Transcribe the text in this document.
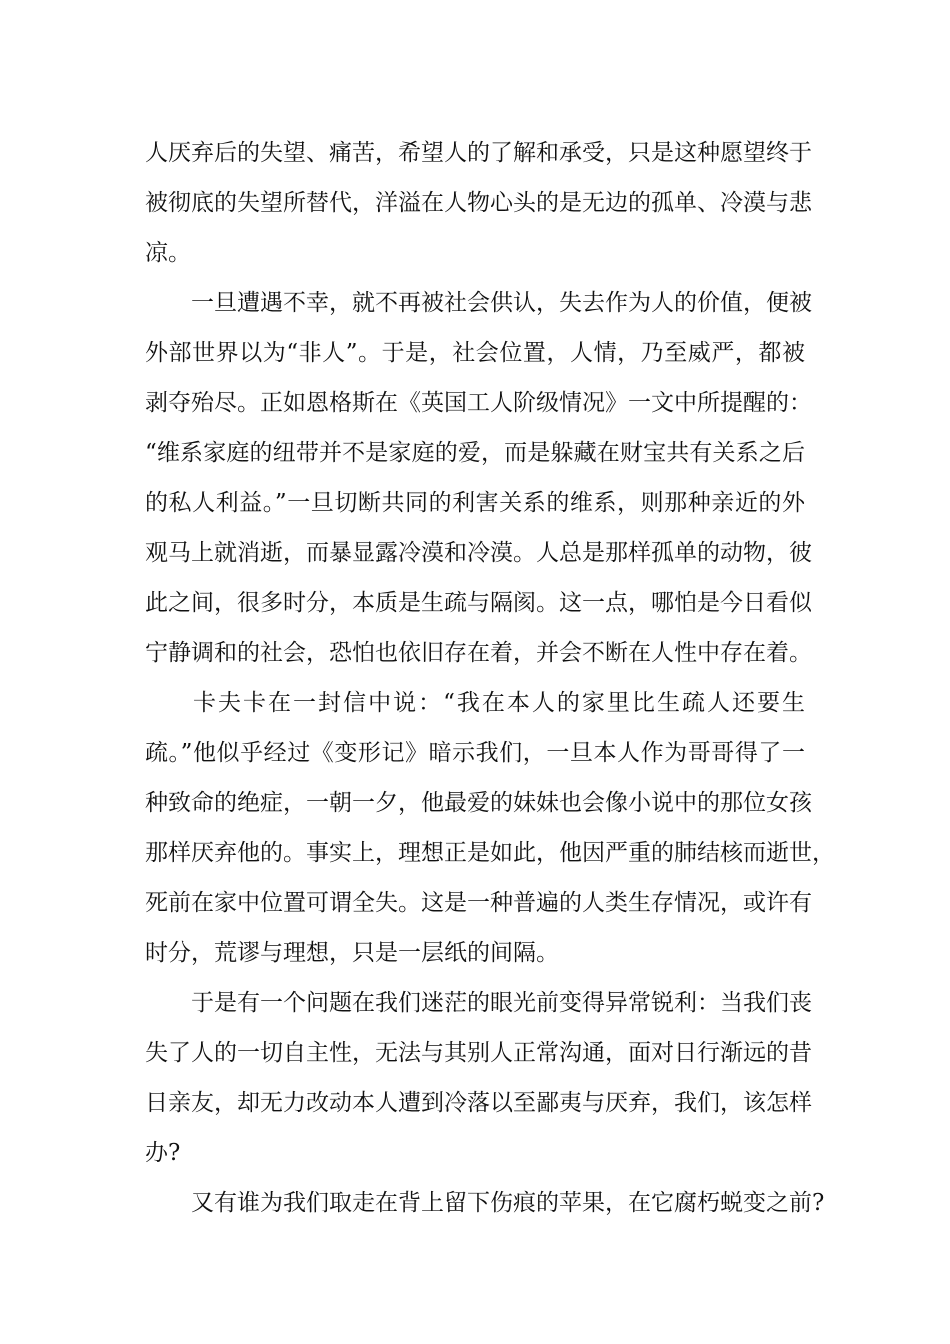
人厌弃后的失望、痛苦，希望人的了解和承受，只是这种愿望终于
被彻底的失望所替代，洋溢在人物心头的是无边的孤单、冷漠与悲
凉。
一旦遭遇不幸，就不再被社会供认，失去作为人的价值，便被
外部世界以为“非人”。于是，社会位置，人情，乃至威严，都被
剥夺殆尽。正如恩格斯在《英国工人阶级情况》一文中所提醒的：
“维系家庭的纽带并不是家庭的爱，而是躲藏在财宝共有关系之后
的私人利益。”一旦切断共同的利害关系的维系，则那种亲近的外
观马上就消逝，而暴显露冷漠和冷漠。人总是那样孤单的动物，彼
此之间，很多时分，本质是生疏与隔阂。这一点，哪怕是今日看似
宁静调和的社会，恐怕也依旧存在着，并会不断在人性中存在着。
卡夫卡在一封信中说：“我在本人的家里比生疏人还要生
疏。”他似乎经过《变形记》暗示我们，一旦本人作为哥哥得了一
种致命的绝症，一朝一夕，他最爱的妹妹也会像小说中的那位女孩
那样厌弃他的。事实上，理想正是如此，他因严重的肺结核而逝世，
死前在家中位置可谓全失。这是一种普遍的人类生存情况，或许有
时分，荒谬与理想，只是一层纸的间隔。
于是有一个问题在我们迷茫的眼光前变得异常锐利：当我们丧
失了人的一切自主性，无法与其别人正常沟通，面对日行渐远的昔
日亲友，却无力改动本人遭到冷落以至鄙夷与厌弃，我们，该怎样
办?
又有谁为我们取走在背上留下伤痕的苹果，在它腐朽蜕变之前?
